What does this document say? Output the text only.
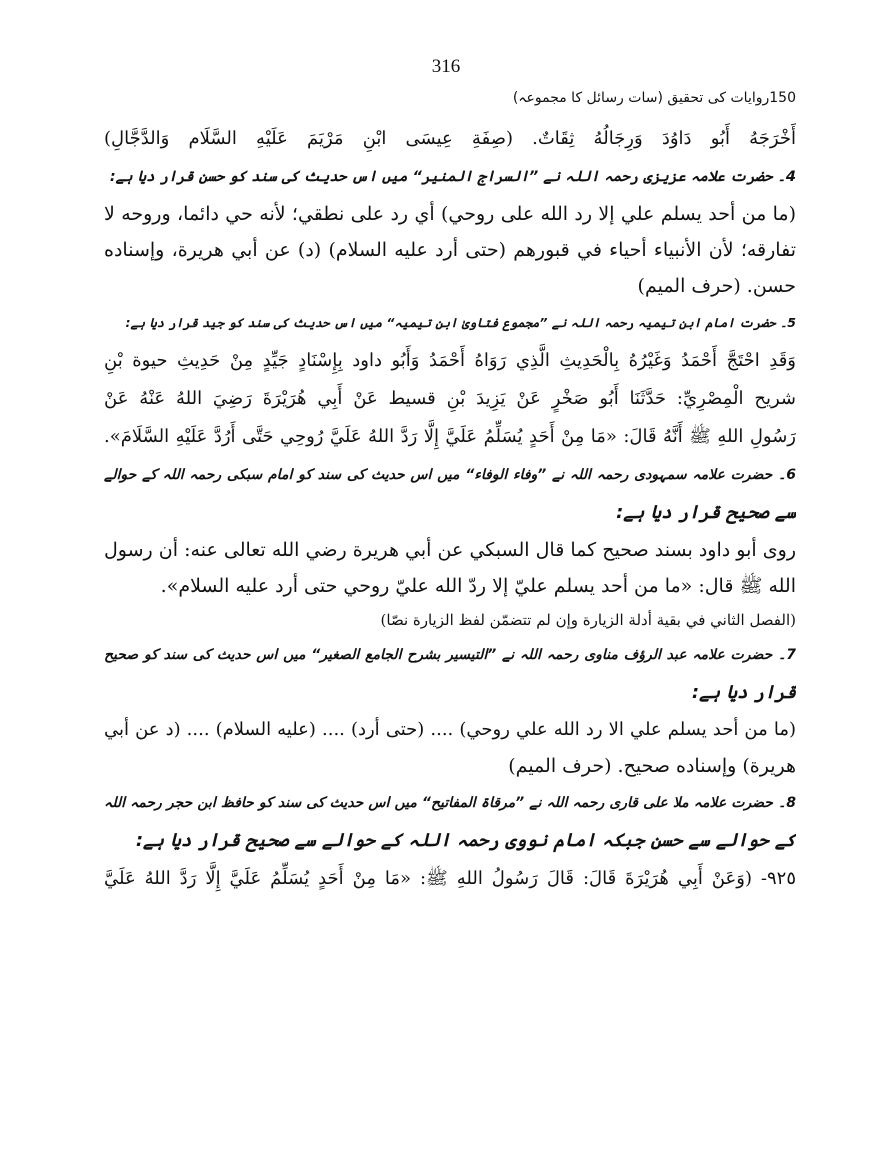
316
150روایات کی تحقیق (سات رسائل کا مجموعہ)
أَخْرَجَهُ أَبُو دَاوُدَ وَرِجَالُهُ ثِقَاتٌ. (صِفَةِ عِيسَى ابْنِ مَرْيَمَ عَلَيْهِ السَّلَام وَالدَّجَّالِ)
4۔ حضرت علامہ عزیزی رحمہ اللہ نے ”السراج المنیر“ میں اس حدیث کی سند کو حسن قرار دیا ہے:
(ما من أحد يسلم علي إلا رد الله على روحي) أي رد على نطقي؛ لأنه حي دائما، وروحه لا
تفارقه؛ لأن الأنبياء أحياء في قبورهم (حتى أرد عليه السلام) (د) عن أبي هريرة، وإسناده
حسن. (حرف الميم)
5۔ حضرت امام ابن تیمیہ رحمہ اللہ نے ”مجموع فتاویٰ ابن تیمیہ“ میں اس حدیث کی سند کو جید قرار دیا ہے:
وَقَدِ احْتَجَّ أَحْمَدُ وَغَيْرُهُ بِالْحَدِيثِ الَّذِي رَوَاهُ أَحْمَدُ وَأَبُو داود بِإِسْنَادٍ جَيِّدٍ مِنْ حَدِيثِ حيوة بْنِ
شريح الْمِصْرِيِّ: حَدَّثَنَا أَبُو صَخْرٍ عَنْ يَزِيدَ بْنِ قسيط عَنْ أَبِي هُرَيْرَةَ رَضِيَ اللهُ عَنْهُ عَنْ
رَسُولِ اللهِ ﷺ أَنَّهُ قَالَ: «مَا مِنْ أَحَدٍ يُسَلِّمُ عَلَيَّ إِلَّا رَدَّ اللهُ عَلَيَّ رُوحِي حَتَّى أَرُدَّ عَلَيْهِ السَّلَامَ».
6۔ حضرت علامہ سمہودی رحمہ اللہ نے ”وفاء الوفاء“ میں اس حدیث کی سند کو امام سبکی رحمہ اللہ کے حوالے
سے صحیح قرار دیا ہے:
روى أبو داود بسند صحيح كما قال السبكي عن أبي هريرة رضي الله تعالى عنه: أن رسول
الله ﷺ قال: «ما من أحد يسلم عليّ إلا ردّ الله عليّ روحي حتى أرد عليه السلام».
(الفصل الثاني في بقية أدلة الزيارة وإن لم تتضمّن لفظ الزيارة نصّا)
7۔ حضرت علامہ عبد الرؤف مناوی رحمہ اللہ نے ”التیسیر بشرح الجامع الصغیر“ میں اس حدیث کی سند کو صحیح
قرار دیا ہے:
(ما من أحد يسلم علي الا رد الله علي روحي) .... (حتى أرد) .... (عليه السلام) .... (د عن أبي
هريرة) وإسناده صحيح. (حرف الميم)
8۔ حضرت علامہ ملا علی قاری رحمہ اللہ نے ”مرقاۃ المفاتیح“ میں اس حدیث کی سند کو حافظ ابن حجر رحمہ اللہ
کے حوالے سے حسن جبکہ امام نووی رحمہ اللہ کے حوالے سے صحیح قرار دیا ہے:
٩٢٥- (وَعَنْ أَبِي هُرَيْرَةَ قَالَ: قَالَ رَسُولُ اللهِ ﷺ: «مَا مِنْ أَحَدٍ يُسَلِّمُ عَلَيَّ إِلَّا رَدَّ اللهُ عَلَيَّ
